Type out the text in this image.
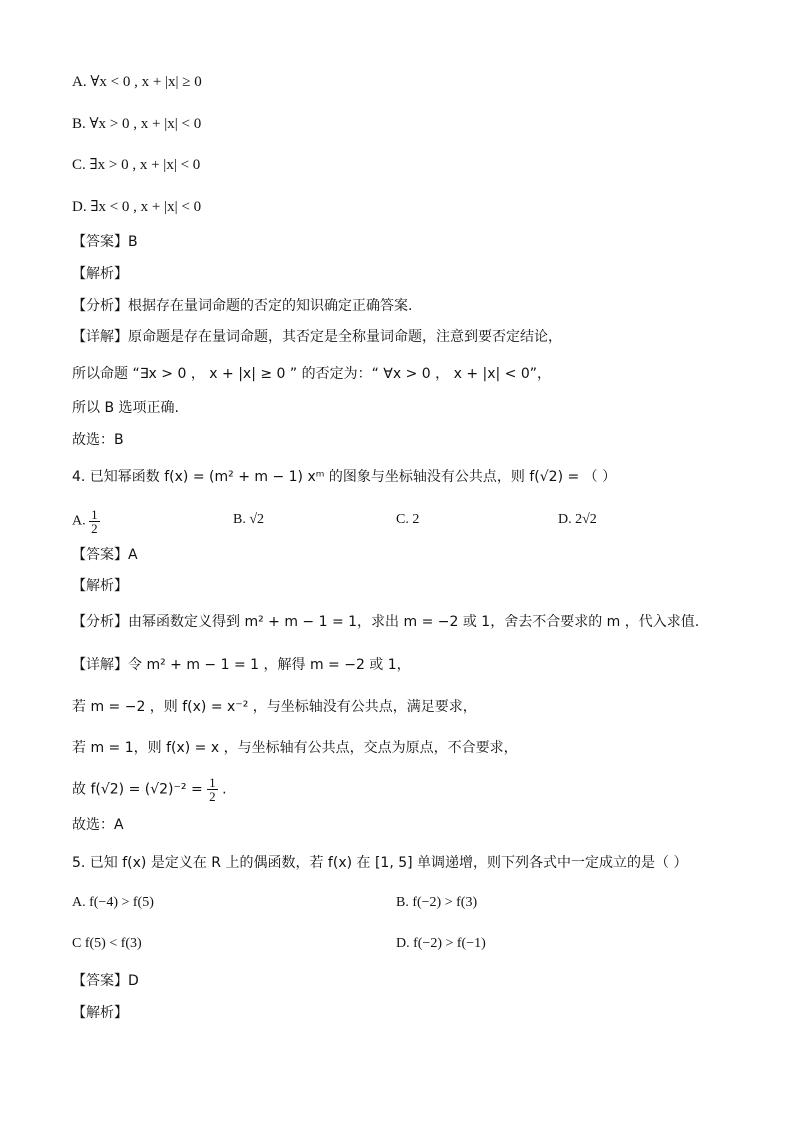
A. ∀x < 0 , x + |x| ≥ 0
B. ∀x > 0 , x + |x| < 0
C. ∃x > 0 , x + |x| < 0
D. ∃x < 0 , x + |x| < 0
【答案】B
【解析】
【分析】根据存在量词命题的否定的知识确定正确答案.
【详解】原命题是存在量词命题，其否定是全称量词命题，注意到要否定结论，
所以命题 “∃x > 0 ， x + |x| ≥ 0 ” 的否定为：“ ∀x > 0 ， x + |x| < 0”，
所以 B 选项正确.
故选：B
4. 已知幂函数 f(x) = (m² + m − 1) xᵐ 的图象与坐标轴没有公共点，则 f(√2) = （ ）
A. $\frac{1}{2}$	B. √2	C. 2	D. 2√2
【答案】A
【解析】
【分析】由幂函数定义得到 m² + m − 1 = 1，求出 m = −2 或 1，舍去不合要求的 m ，代入求值.
【详解】令 m² + m − 1 = 1 ，解得 m = −2 或 1，
若 m = −2 ，则 f(x) = x⁻² ，与坐标轴没有公共点，满足要求，
若 m = 1，则 f(x) = x ，与坐标轴有公共点，交点为原点，不合要求，
故 $f(√2) = (√2)^{-2} = \frac{1}{2}$ .
故选：A
5. 已知 f(x) 是定义在 R 上的偶函数，若 f(x) 在 [1, 5] 单调递增，则下列各式中一定成立的是（ ）
A. f(−4) > f(5)	B. f(−2) > f(3)
C f(5) < f(3)	D. f(−2) > f(−1)
【答案】D
【解析】
